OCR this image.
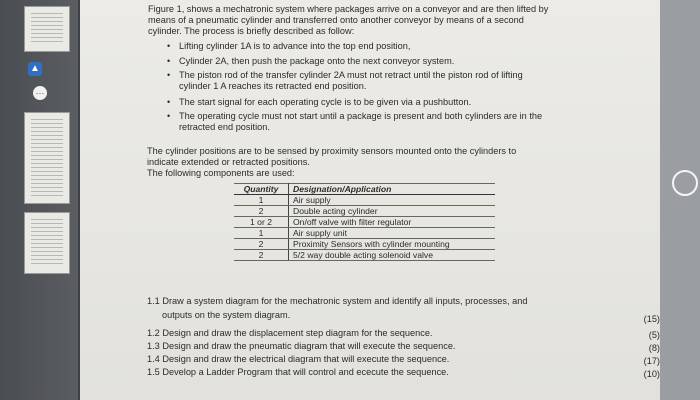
▲
⋯
Figure 1, shows a mechatronic system where packages arrive on a conveyor and are then lifted by
means of a pneumatic cylinder and transferred onto another conveyor by means of a second
cylinder. The process is briefly described as follow:
• Lifting cylinder 1A is to advance into the top end position,
• Cylinder 2A, then push the package onto the next conveyor system.
• The piston rod of the transfer cylinder 2A must not retract until the piston rod of lifting
cylinder 1 A reaches its retracted end position.
• The start signal for each operating cycle is to be given via a pushbutton.
• The operating cycle must not start until a package is present and both cylinders are in the
retracted end position.
The cylinder positions are to be sensed by proximity sensors mounted onto the cylinders to
indicate extended or retracted positions.
The following components are used:
Quantity	Designation/Application
1	Air supply
2	Double acting cylinder
1 or 2	On/off valve with filter regulator
1	Air supply unit
2	Proximity Sensors with cylinder mounting
2	5/2 way double acting solenoid valve
1.1 Draw a system diagram for the mechatronic system and identify all inputs, processes, and
outputs on the system diagram.	(15)
1.2 Design and draw the displacement step diagram for the sequence.	(5)
1.3 Design and draw the pneumatic diagram that will execute the sequence.	(8)
1.4 Design and draw the electrical diagram that will execute the sequence.	(17)
1.5 Develop a Ladder Program that will control and ececute the sequence.	(10)
